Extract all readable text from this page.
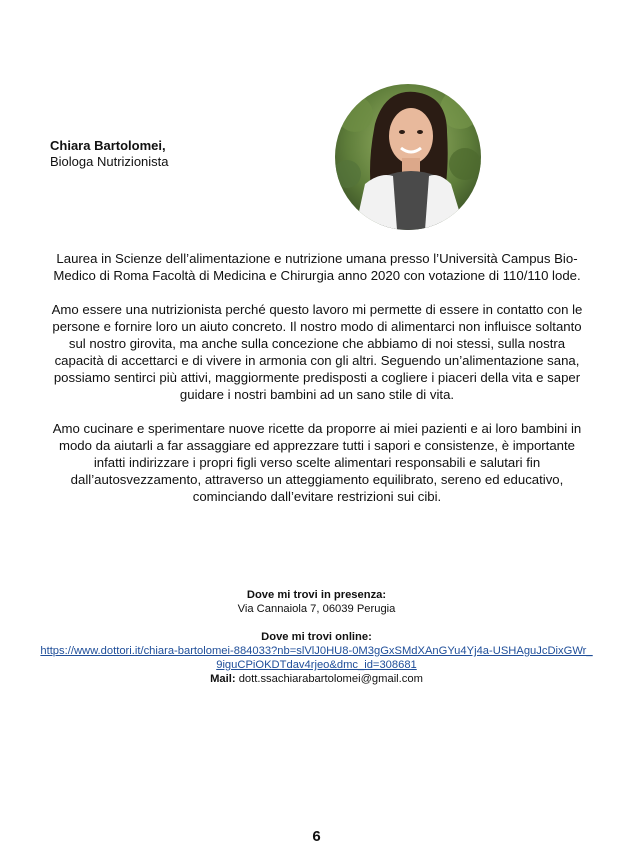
Chiara Bartolomei,
Biologa Nutrizionista

Laurea in Scienze dell’alimentazione e nutrizione umana presso l’Università Campus Bio-Medico di Roma Facoltà di Medicina e Chirurgia anno 2020 con votazione di 110/110 lode.

Amo essere una nutrizionista perché questo lavoro mi permette di essere in contatto con le persone e fornire loro un aiuto concreto. Il nostro modo di alimentarci non influisce soltanto sul nostro girovita, ma anche sulla concezione che abbiamo di noi stessi, sulla nostra capacità di accettarci e di vivere in armonia con gli altri. Seguendo un’alimentazione sana, possiamo sentirci più attivi, maggiormente predisposti a cogliere i piaceri della vita e saper guidare i nostri bambini ad un sano stile di vita.

Amo cucinare e sperimentare nuove ricette da proporre ai miei pazienti e ai loro bambini in modo da aiutarli a far assaggiare ed apprezzare tutti i sapori e consistenze, è importante infatti indirizzare i propri figli verso scelte alimentari responsabili e salutari fin dall’autosvezzamento, attraverso un atteggiamento equilibrato, sereno ed educativo, cominciando dall’evitare restrizioni sui cibi.

Dove mi trovi in presenza:
Via Cannaiola 7, 06039 Perugia
Dove mi trovi online:
https://www.dottori.it/chiara-bartolomei-884033?nb=slVlJ0HU8-0M3gGxSMdXAnGYu4Yj4a-USHAguJcDixGWr_9iguCPiOKDTdav4rjeo&dmc_id=308681
Mail: dott.ssachiarabartolomei@gmail.com
6
